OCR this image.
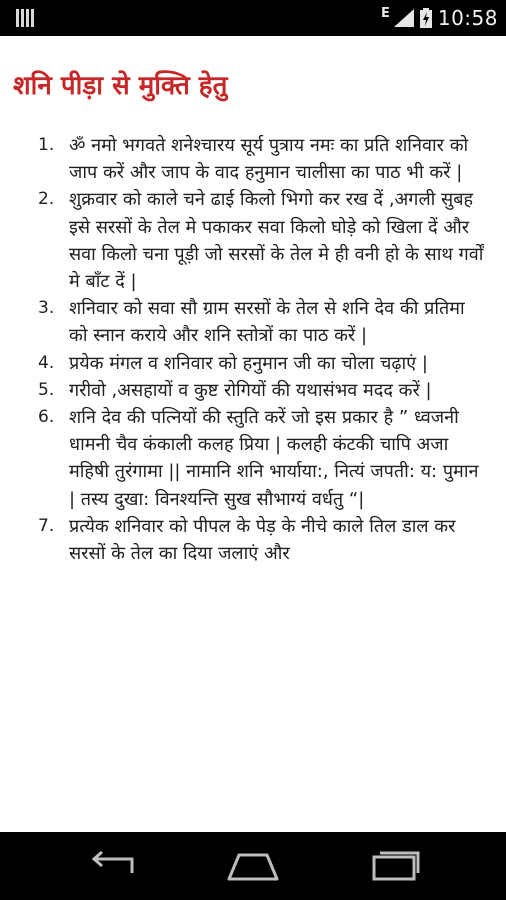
E 10:58
शनि पीड़ा से मुक्ति हेतु
1. ॐ नमो भगवते शनेश्चारय सूर्य पुत्राय नमः का प्रति शनिवार को जाप करें और जाप के वाद हनुमान चालीसा का पाठ भी करें |
2. शुक्रवार को काले चने ढाई किलो भिगो कर रख दें ,अगली सुबह इसे सरसों के तेल मे पकाकर सवा किलो घोड़े को खिला दें और सवा किलो चना पूड़ी जो सरसों के तेल मे ही वनी हो के साथ गर्वों मे बाँट दें |
3. शनिवार को सवा सौ ग्राम सरसों के तेल से शनि देव की प्रतिमा को स्नान कराये और शनि स्तोत्रों का पाठ करें |
4. प्रयेक मंगल व शनिवार को हनुमान जी का चोला चढ़ाएं |
5. गरीवो ,असहायों व कुष्ट रोगियों की यथासंभव मदद करें |
6. शनि देव की पत्नियों की स्तुति करें जो इस प्रकार है ” ध्वजनी धामनी चैव कंकाली कलह प्रिया | कलही कंटकी चापि अजा महिषी तुरंगामा || नामानि शनि भार्याया:, नित्यं जपती: य: पुमान | तस्य दुखा: विनश्यन्ति सुख सौभाग्यं वर्धतु “|
7. प्रत्येक शनिवार को पीपल के पेड़ के नीचे काले तिल डाल कर सरसों के तेल का दिया जलाएं और
